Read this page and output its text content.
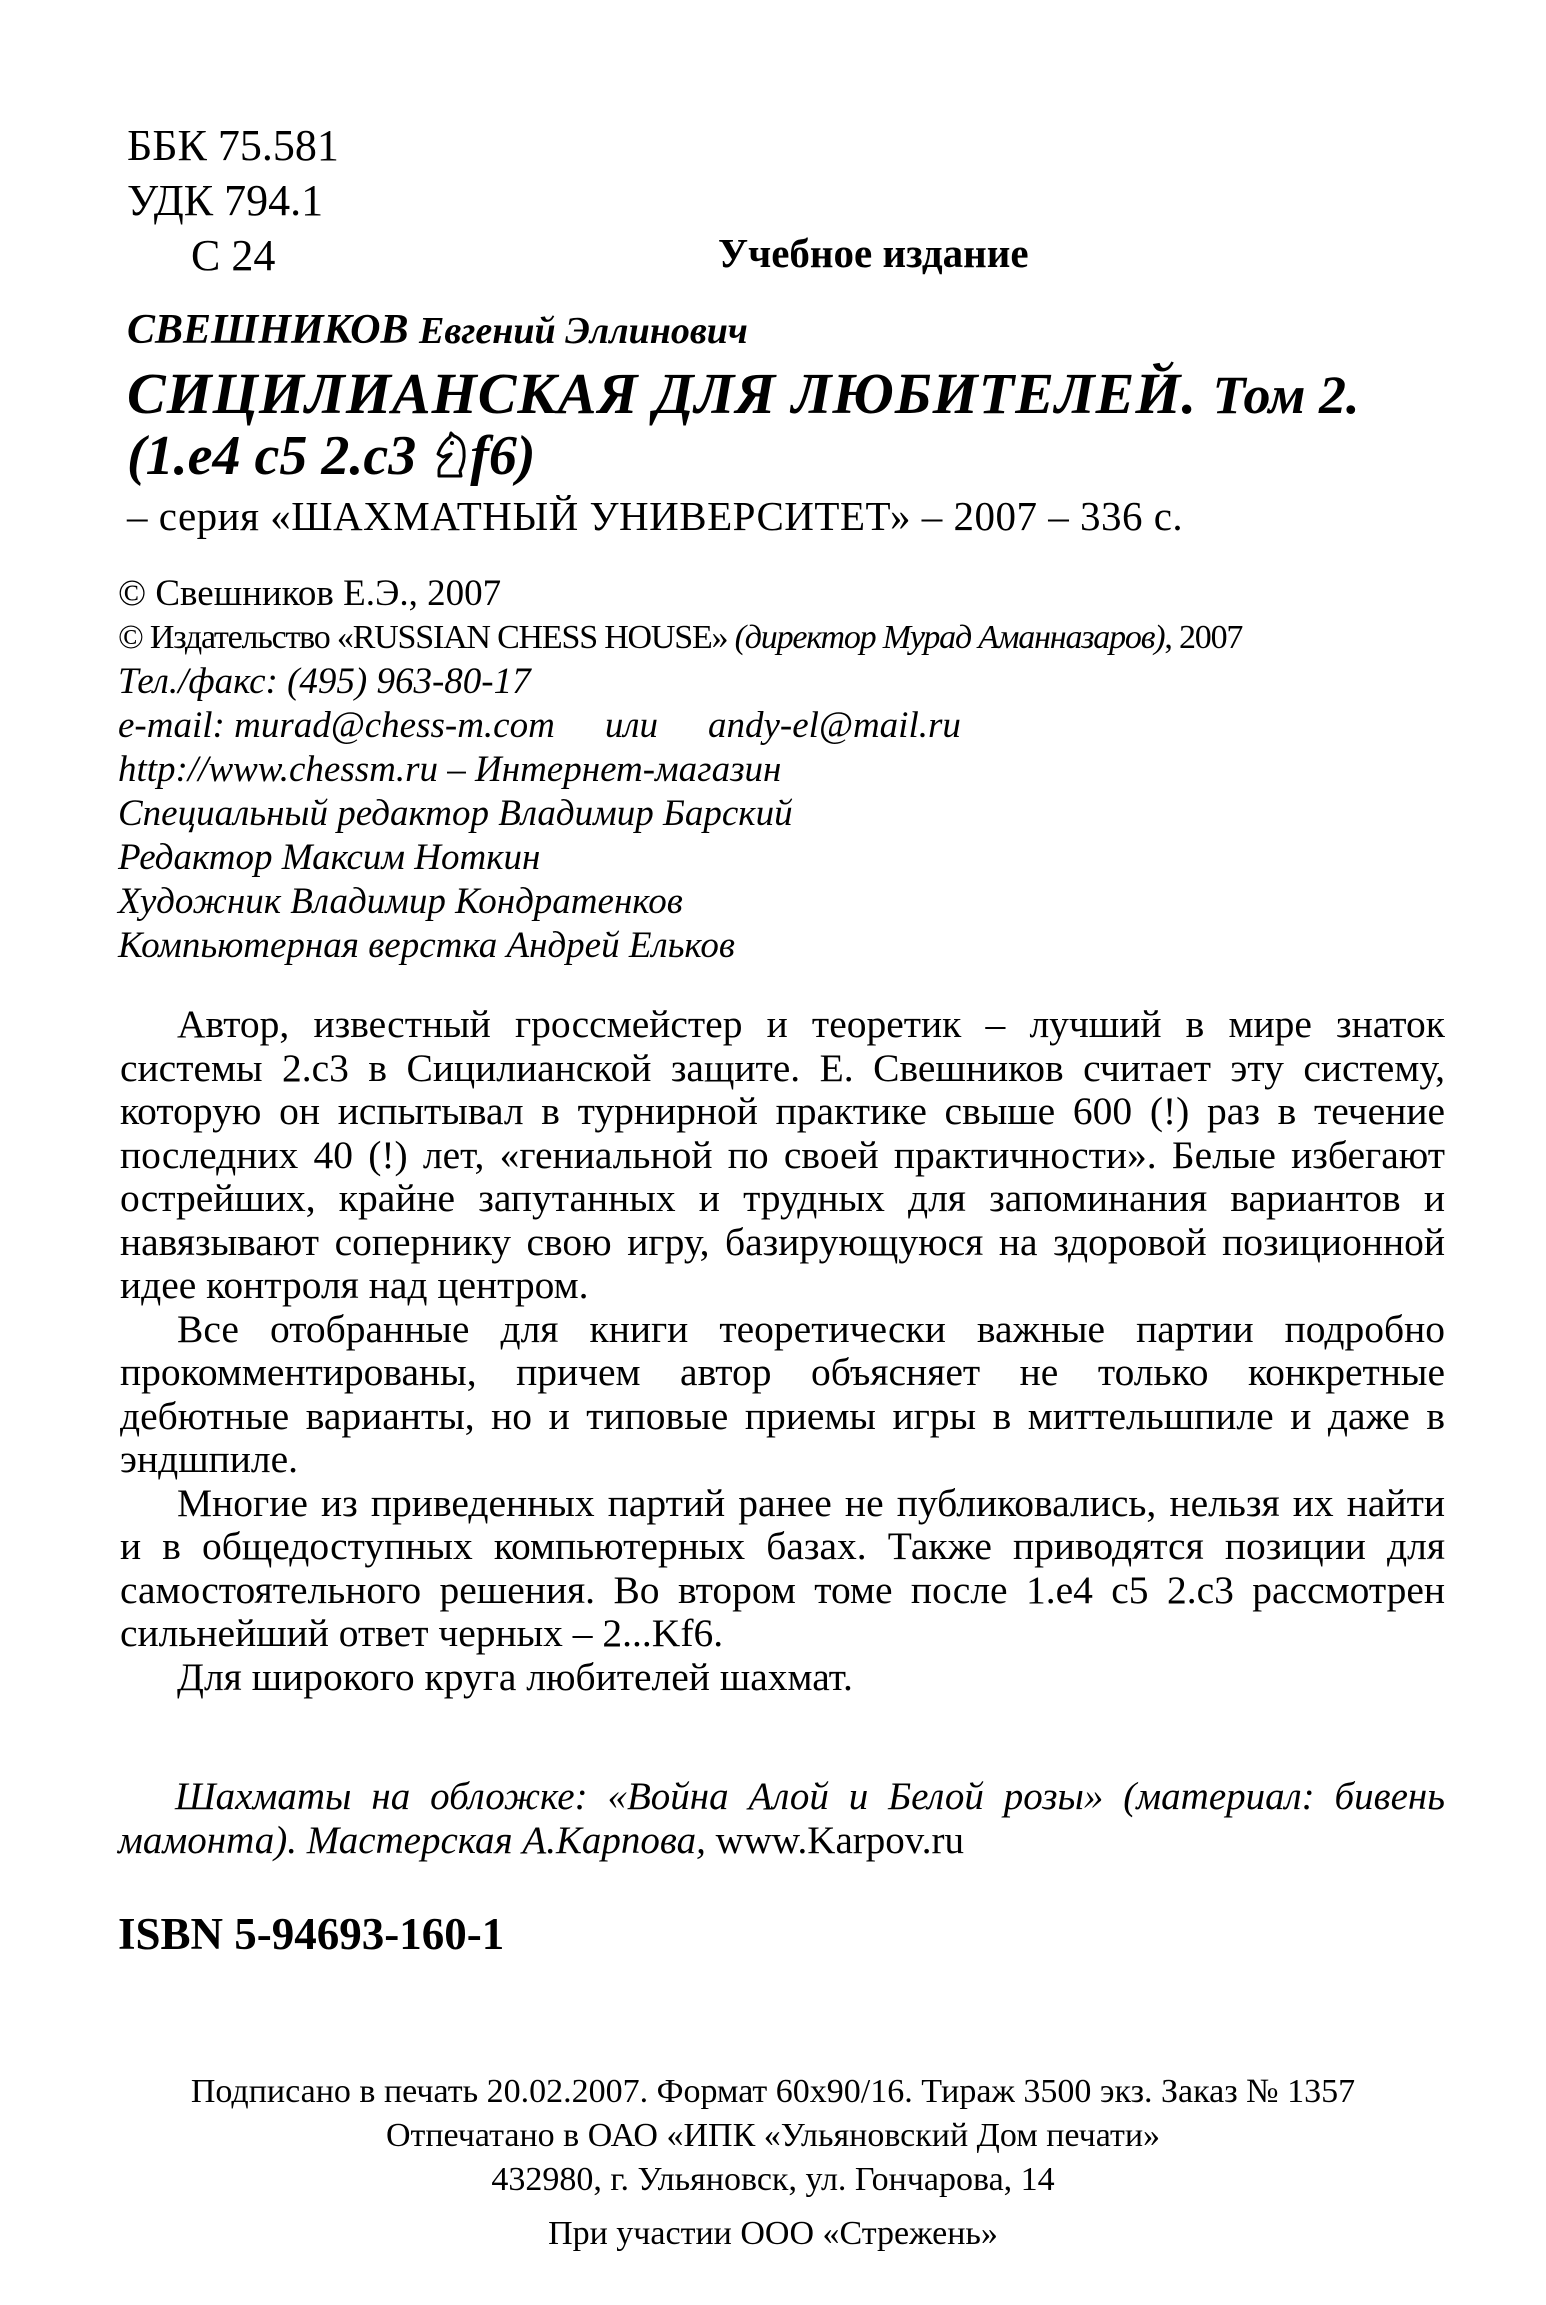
ББК 75.581
УДК 794.1
С 24	Учебное издание
СВЕШНИКОВ Евгений Эллинович
СИЦИЛИАНСКАЯ ДЛЯ ЛЮБИТЕЛЕЙ. Том 2.
(1.e4 c5 2.c3 f6)
– серия «ШАХМАТНЫЙ УНИВЕРСИТЕТ» – 2007 – 336 с.
© Свешников Е.Э., 2007
© Издательство «RUSSIAN CHESS HOUSE» (директор Мурад Аманназаров), 2007
Тел./факс: (495) 963-80-17
e-mail: murad@chess-m.com или andy-el@mail.ru
http://www.chessm.ru – Интернет-магазин
Специальный редактор Владимир Барский
Редактор Максим Ноткин
Художник Владимир Кондратенков
Компьютерная верстка Андрей Ельков

Автор, известный гроссмейстер и теоретик – лучший в мире знаток системы 2.c3 в Сицилианской защите. Е. Свешников считает эту систему, которую он испытывал в турнирной практике свыше 600 (!) раз в течение последних 40 (!) лет, «гениальной по своей практичности». Белые избегают острейших, крайне запутанных и трудных для запоминания вариантов и навязывают сопернику свою игру, базирующуюся на здоровой позиционной идее контроля над центром.

Все отобранные для книги теоретически важные партии подробно прокомментированы, причем автор объясняет не только конкретные дебютные варианты, но и типовые приемы игры в миттельшпиле и даже в эндшпиле.

Многие из приведенных партий ранее не публиковались, нельзя их найти и в общедоступных компьютерных базах. Также приводятся позиции для самостоятельного решения. Во втором томе после 1.e4 c5 2.c3 рассмотрен сильнейший ответ черных – 2...Kf6.

Для широкого круга любителей шахмат.

Шахматы на обложке: «Война Алой и Белой розы» (материал: бивень мамонта). Мастерская А.Карпова, www.Karpov.ru
ISBN 5-94693-160-1
Подписано в печать 20.02.2007. Формат 60x90/16. Тираж 3500 экз. Заказ № 1357
Отпечатано в ОАО «ИПК «Ульяновский Дом печати»
432980, г. Ульяновск, ул. Гончарова, 14
При участии ООО «Стрежень»
